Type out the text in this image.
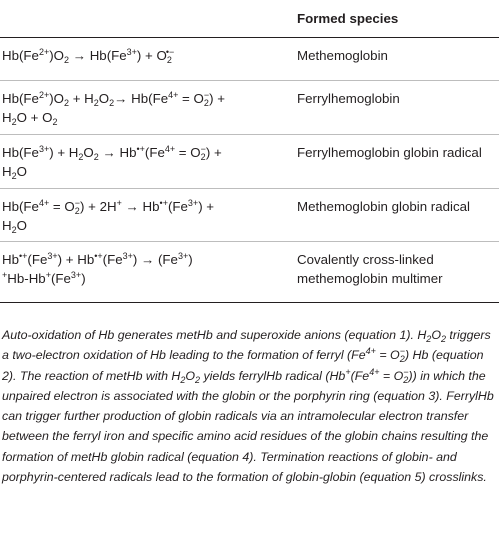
	Formed species
$Hb(Fe^{2+})O_2 \to Hb(Fe^{3+}) + O_2^{•-}$	Methemoglobin
$Hb(Fe^{2+})O_2 + H_2O_2\to Hb(Fe^{4+} = O_2^-)$ +
$H_2O + O_2$	Ferrylhemoglobin
$Hb(Fe^{3+}) + H_2O_2 \to Hb^{•+}(Fe^{4+} = O_2^-)$ +
$H_2O$	Ferrylhemoglobin globin radical
$Hb(Fe^{4+} = O_2^-) + 2H^+ \to Hb^{•+}(Fe^{3+})$ +
$H_2O$	Methemoglobin globin radical
$Hb^{•+}(Fe^{3+}) + Hb^{•+}(Fe^{3+}) \to (Fe^{3+})$
$^+Hb-Hb^+(Fe^{3+})$	Covalently cross-linked methemoglobin multimer
Auto-oxidation of Hb generates metHb and superoxide anions (equation 1). $H_2O_2$ triggers a two-electron oxidation of Hb leading to the formation of ferryl $(Fe^{4+} = O_2^-)$ Hb (equation 2). The reaction of metHb with $H_2O_2$ yields ferrylHb radical $(Hb^+(Fe^{4+} = O_2^-))$ in which the unpaired electron is associated with the globin or the porphyrin ring (equation 3). FerrylHb can trigger further production of globin radicals via an intramolecular electron transfer between the ferryl iron and specific amino acid residues of the globin chains resulting the formation of metHb globin radical (equation 4). Termination reactions of globin- and porphyrin-centered radicals lead to the formation of globin-globin (equation 5) crosslinks.
